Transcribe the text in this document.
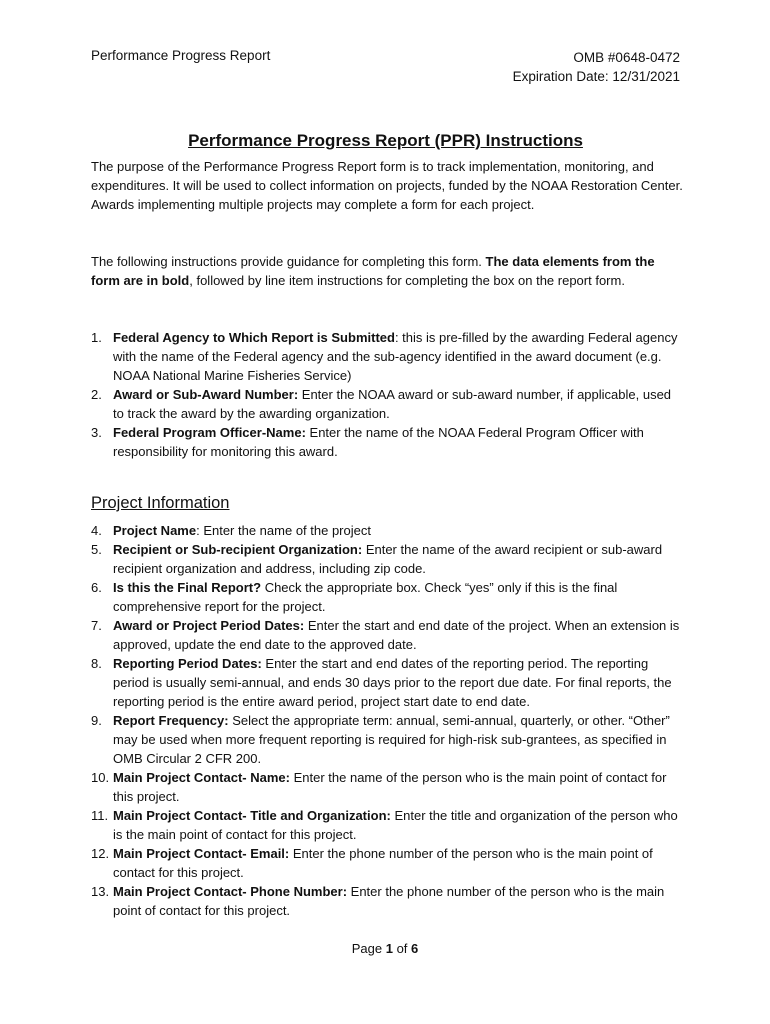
Performance Progress Report	OMB #0648-0472
Expiration Date: 12/31/2021
Performance Progress Report (PPR) Instructions
The purpose of the Performance Progress Report form is to track implementation, monitoring, and expenditures. It will be used to collect information on projects, funded by the NOAA Restoration Center. Awards implementing multiple projects may complete a form for each project.
The following instructions provide guidance for completing this form. The data elements from the form are in bold, followed by line item instructions for completing the box on the report form.
1. Federal Agency to Which Report is Submitted: this is pre-filled by the awarding Federal agency with the name of the Federal agency and the sub-agency identified in the award document (e.g. NOAA National Marine Fisheries Service)
2. Award or Sub-Award Number: Enter the NOAA award or sub-award number, if applicable, used to track the award by the awarding organization.
3. Federal Program Officer-Name: Enter the name of the NOAA Federal Program Officer with responsibility for monitoring this award.
Project Information
4. Project Name: Enter the name of the project
5. Recipient or Sub-recipient Organization: Enter the name of the award recipient or sub-award recipient organization and address, including zip code.
6. Is this the Final Report? Check the appropriate box. Check “yes” only if this is the final comprehensive report for the project.
7. Award or Project Period Dates: Enter the start and end date of the project. When an extension is approved, update the end date to the approved date.
8. Reporting Period Dates: Enter the start and end dates of the reporting period. The reporting period is usually semi-annual, and ends 30 days prior to the report due date. For final reports, the reporting period is the entire award period, project start date to end date.
9. Report Frequency: Select the appropriate term: annual, semi-annual, quarterly, or other. “Other” may be used when more frequent reporting is required for high-risk sub-grantees, as specified in OMB Circular 2 CFR 200.
10. Main Project Contact- Name: Enter the name of the person who is the main point of contact for this project.
11. Main Project Contact- Title and Organization: Enter the title and organization of the person who is the main point of contact for this project.
12. Main Project Contact- Email: Enter the phone number of the person who is the main point of contact for this project.
13. Main Project Contact- Phone Number: Enter the phone number of the person who is the main point of contact for this project.
Page 1 of 6
